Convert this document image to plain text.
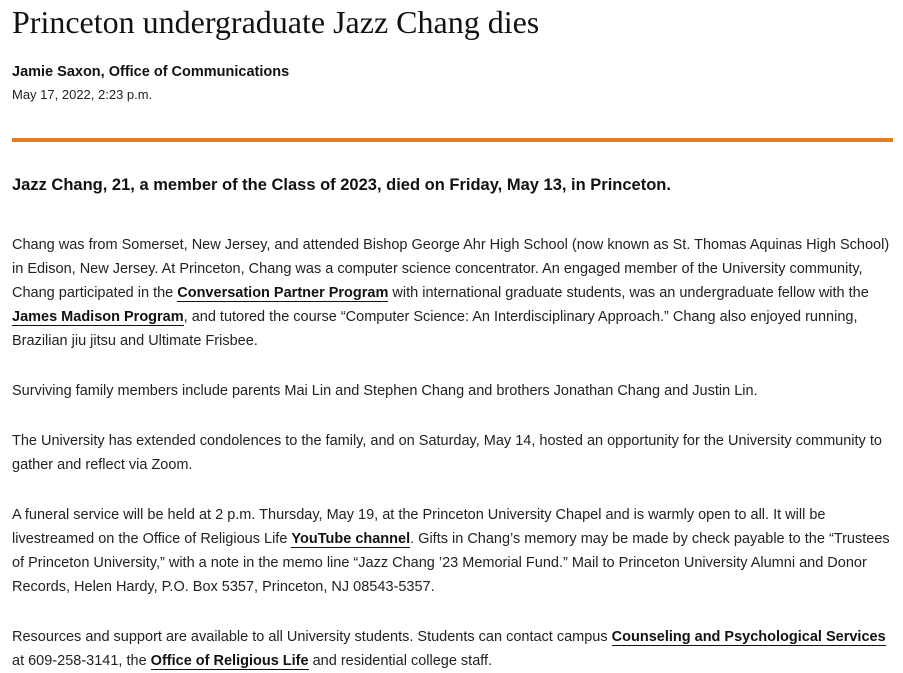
Princeton undergraduate Jazz Chang dies
Jamie Saxon, Office of Communications
May 17, 2022, 2:23 p.m.
Jazz Chang, 21, a member of the Class of 2023, died on Friday, May 13, in Princeton.
Chang was from Somerset, New Jersey, and attended Bishop George Ahr High School (now known as St. Thomas Aquinas High School) in Edison, New Jersey. At Princeton, Chang was a computer science concentrator. An engaged member of the University community, Chang participated in the Conversation Partner Program with international graduate students, was an undergraduate fellow with the James Madison Program, and tutored the course “Computer Science: An Interdisciplinary Approach.” Chang also enjoyed running, Brazilian jiu jitsu and Ultimate Frisbee.
Surviving family members include parents Mai Lin and Stephen Chang and brothers Jonathan Chang and Justin Lin.
The University has extended condolences to the family, and on Saturday, May 14, hosted an opportunity for the University community to gather and reflect via Zoom.
A funeral service will be held at 2 p.m. Thursday, May 19, at the Princeton University Chapel and is warmly open to all. It will be livestreamed on the Office of Religious Life YouTube channel. Gifts in Chang’s memory may be made by check payable to the “Trustees of Princeton University,” with a note in the memo line “Jazz Chang ’23 Memorial Fund.” Mail to Princeton University Alumni and Donor Records, Helen Hardy, P.O. Box 5357, Princeton, NJ 08543-5357.
Resources and support are available to all University students. Students can contact campus Counseling and Psychological Services at 609-258-3141, the Office of Religious Life and residential college staff.
